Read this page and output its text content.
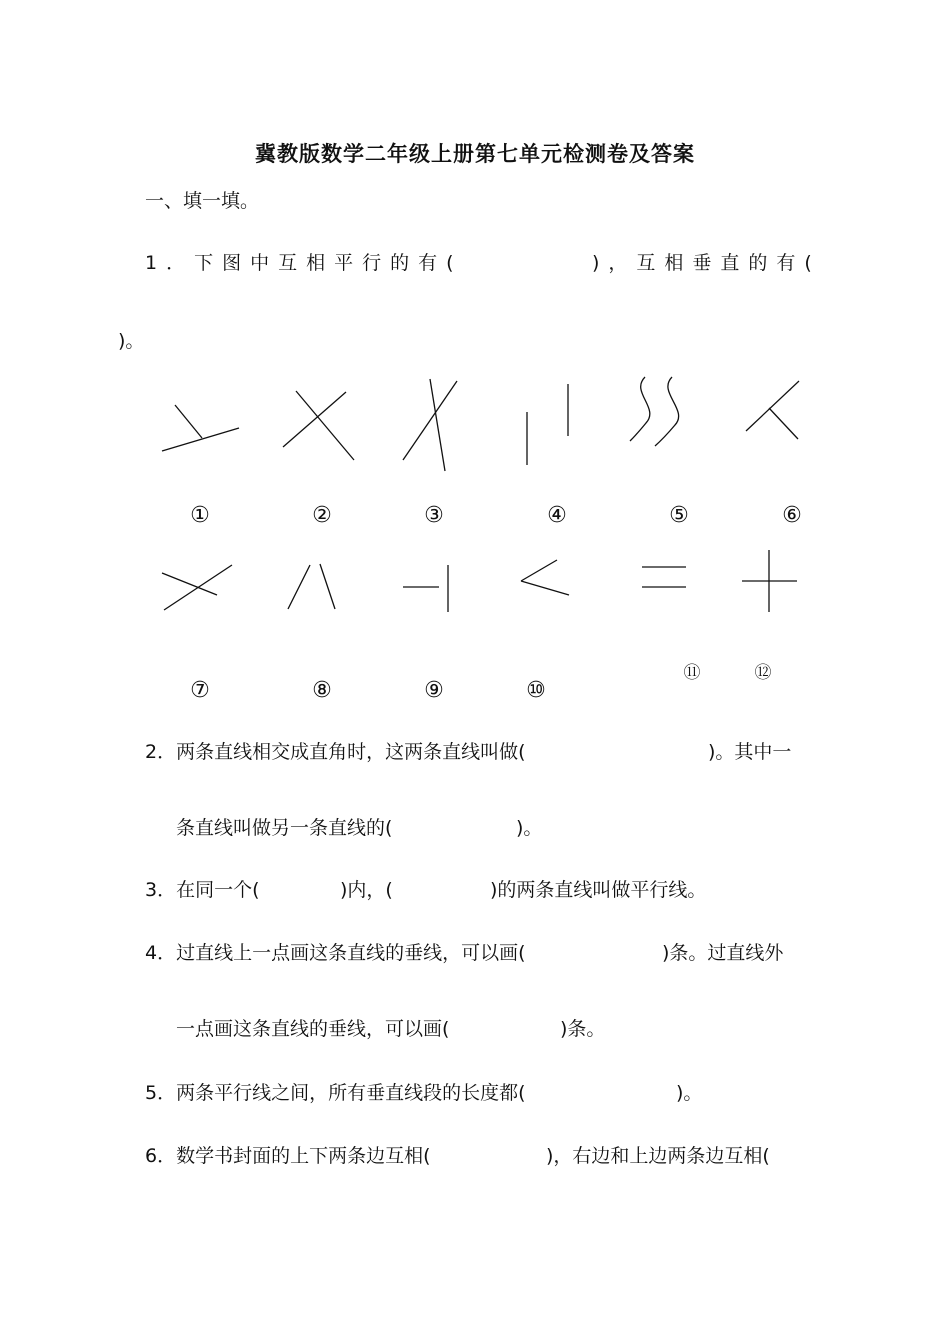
冀教版数学二年级上册第七单元检测卷及答案
一、填一填。
1．下图中互相平行的有(	)，互相垂直的有(
)。
①	②	③	④	⑤	⑥
⑦	⑧	⑨	⑩
⑪	⑫
2．两条直线相交成直角时，这两条直线叫做(	)。其中一
条直线叫做另一条直线的(	)。
3．在同一个(	)内，(	)的两条直线叫做平行线。
4．过直线上一点画这条直线的垂线，可以画(	)条。过直线外
一点画这条直线的垂线，可以画(	)条。
5．两条平行线之间，所有垂直线段的长度都(	)。
6．数学书封面的上下两条边互相(	)，右边和上边两条边互相(
